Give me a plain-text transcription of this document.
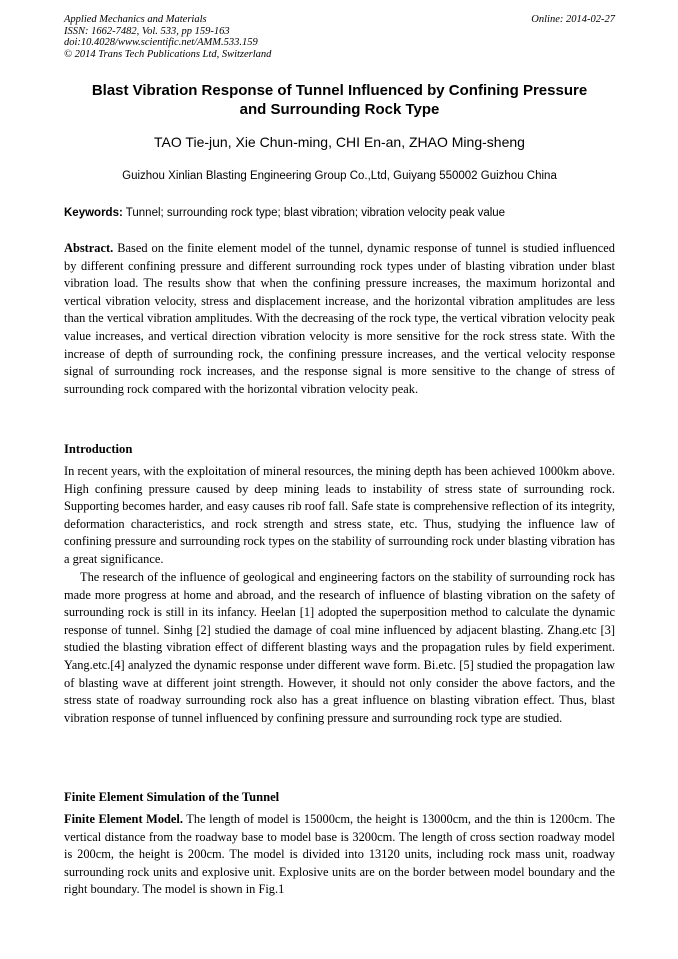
Applied Mechanics and Materials
ISSN: 1662-7482, Vol. 533, pp 159-163
doi:10.4028/www.scientific.net/AMM.533.159
© 2014 Trans Tech Publications Ltd, Switzerland
Online: 2014-02-27
Blast Vibration Response of Tunnel Influenced by Confining Pressure
and Surrounding Rock Type
TAO Tie-jun, Xie Chun-ming, CHI En-an, ZHAO Ming-sheng
Guizhou Xinlian Blasting Engineering Group Co.,Ltd, Guiyang 550002 Guizhou China
Keywords: Tunnel; surrounding rock type; blast vibration; vibration velocity peak value

Abstract. Based on the finite element model of the tunnel, dynamic response of tunnel is studied influenced by different confining pressure and different surrounding rock types under of blasting vibration under blast vibration load. The results show that when the confining pressure increases, the maximum horizontal and vertical vibration velocity, stress and displacement increase, and the horizontal vibration amplitudes are less than the vertical vibration amplitudes. With the decreasing of the rock type, the vertical vibration velocity peak value increases, and vertical direction vibration velocity is more sensitive for the rock stress state. With the increase of depth of surrounding rock, the confining pressure increases, and the vertical velocity response signal of surrounding rock increases, and the response signal is more sensitive to the change of stress of surrounding rock compared with the horizontal vibration velocity peak.

Introduction

In recent years, with the exploitation of mineral resources, the mining depth has been achieved 1000km above. High confining pressure caused by deep mining leads to instability of stress state of surrounding rock. Supporting becomes harder, and easy causes rib roof fall. Safe state is comprehensive reflection of its integrity, deformation characteristics, and rock strength and stress state, etc. Thus, studying the influence law of confining pressure and surrounding rock types on the stability of surrounding rock under blasting vibration has a great significance.

The research of the influence of geological and engineering factors on the stability of surrounding rock has made more progress at home and abroad, and the research of influence of blasting vibration on the safety of surrounding rock is still in its infancy. Heelan [1] adopted the superposition method to calculate the dynamic response of tunnel. Sinhg [2] studied the damage of coal mine influenced by adjacent blasting. Zhang.etc [3] studied the blasting vibration effect of different blasting ways and the propagation rules by field experiment. Yang.etc.[4] analyzed the dynamic response under different wave form. Bi.etc. [5] studied the propagation law of blasting wave at different joint strength. However, it should not only consider the above factors, and the stress state of roadway surrounding rock also has a great influence on blasting vibration effect. Thus, blast vibration response of tunnel influenced by confining pressure and surrounding rock type are studied.

Finite Element Simulation of the Tunnel

Finite Element Model. The length of model is 15000cm, the height is 13000cm, and the thin is 1200cm. The vertical distance from the roadway base to model base is 3200cm. The length of cross section roadway model is 200cm, the height is 200cm. The model is divided into 13120 units, including rock mass unit, roadway surrounding rock units and explosive unit. Explosive units are on the border between model boundary and the right boundary. The model is shown in Fig.1
